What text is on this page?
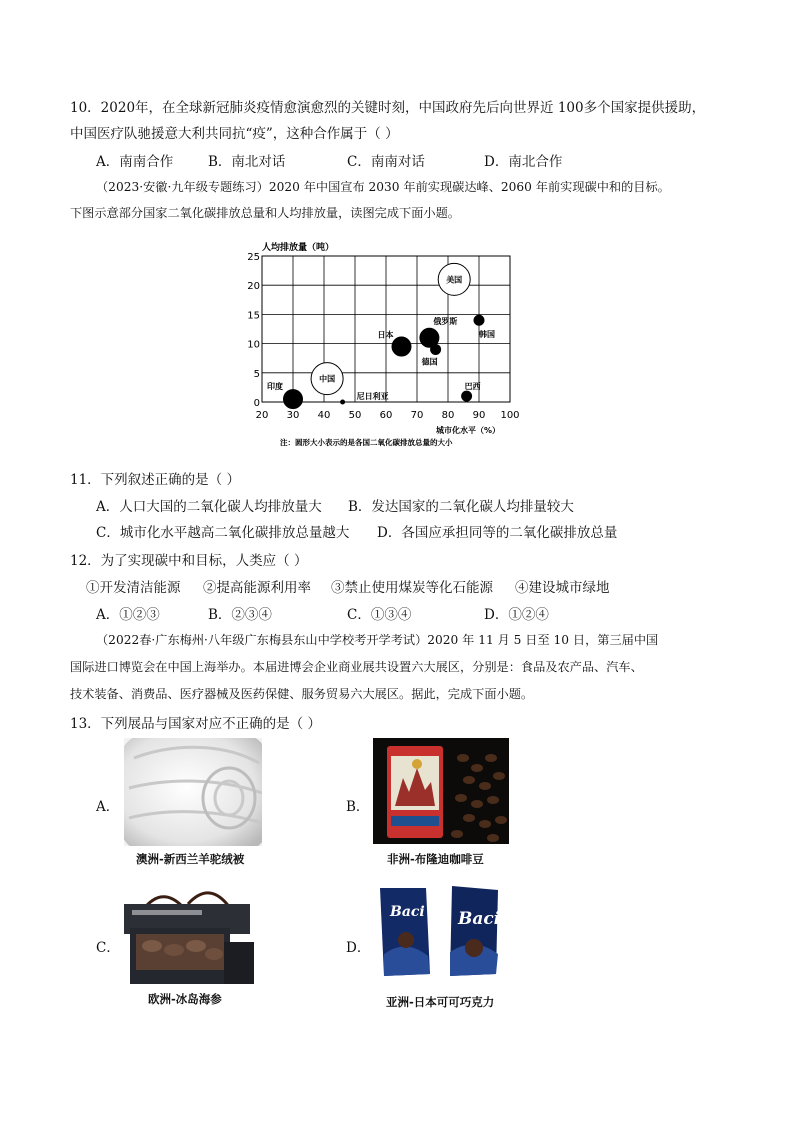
10．2020年，在全球新冠肺炎疫情愈演愈烈的关键时刻，中国政府先后向世界近 100多个国家提供援助，
中国医疗队驰援意大利共同抗“疫”，这种合作属于（ ）
A．南南合作	B．南北对话	C．南南对话	D．南北合作
（2023·安徽·九年级专题练习）2020 年中国宣布 2030 年前实现碳达峰、2060 年前实现碳中和的目标。
下图示意部分国家二氧化碳排放总量和人均排放量，读图完成下面小题。
人均排放量（吨）
20 30 40 50 60 70 80 90 100
0
5
10
15
20
25
美国
中国
印度
尼日利亚
日本
俄罗斯
德国
韩国
巴西
城市化水平（%）
注：圆形大小表示的是各国二氧化碳排放总量的大小
11．下列叙述正确的是（ ）
A．人口大国的二氧化碳人均排放量大 B．发达国家的二氧化碳人均排量较大
C．城市化水平越高二氧化碳排放总量越大 D．各国应承担同等的二氧化碳排放总量
12．为了实现碳中和目标，人类应（ ）
①开发清洁能源 ②提高能源利用率 ③禁止使用煤炭等化石能源 ④建设城市绿地
A．①②③	B．②③④	C．①③④	D．①②④
（2022春·广东梅州·八年级广东梅县东山中学校考开学考试）2020 年 11 月 5 日至 10 日，第三届中国
国际进口博览会在中国上海举办。本届进博会企业商业展共设置六大展区，分别是：食品及农产品、汽车、
技术装备、消费品、医疗器械及医药保健、服务贸易六大展区。据此，完成下面小题。
13．下列展品与国家对应不正确的是（ ）
A．
澳洲-新西兰羊驼绒被
B．
非洲-布隆迪咖啡豆
C．
欧洲-冰岛海参
D．
Baci Baci
亚洲-日本可可巧克力
